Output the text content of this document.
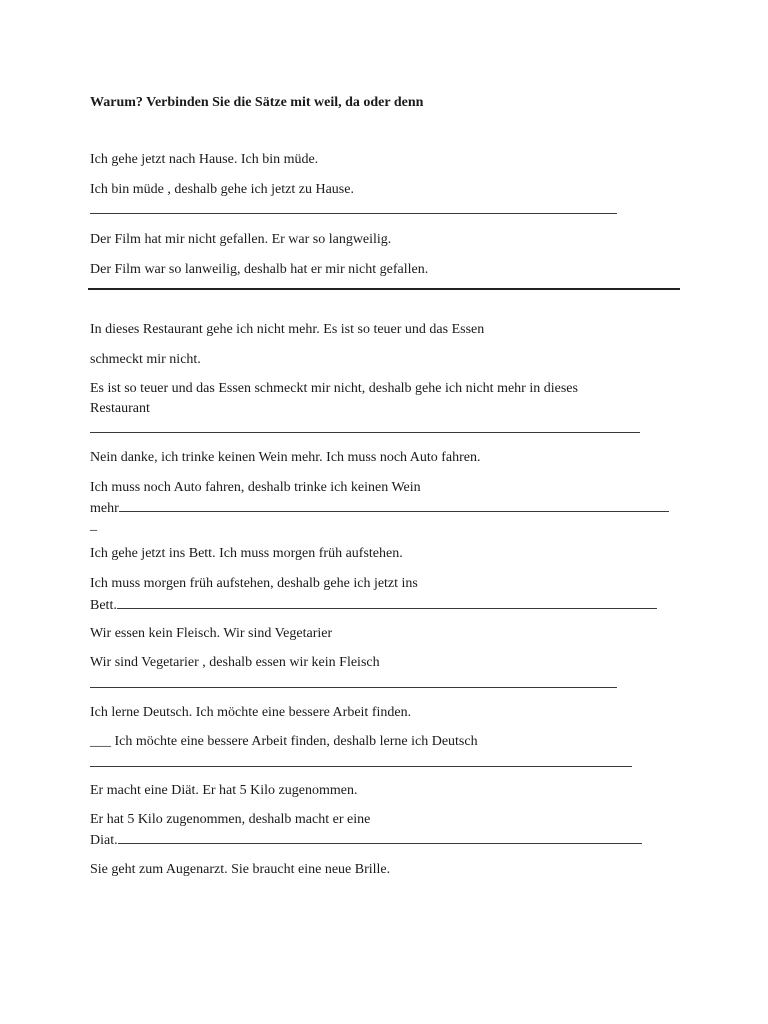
Warum? Verbinden Sie die Sätze mit weil, da oder denn
Ich gehe jetzt nach Hause. Ich bin müde.
Ich bin müde , deshalb gehe ich jetzt zu Hause.
Der Film hat mir nicht gefallen. Er war so langweilig.
Der Film war so lanweilig, deshalb hat er mir nicht gefallen.
In dieses Restaurant gehe ich nicht mehr. Es ist so teuer und das Essen
schmeckt mir nicht.
Es ist so teuer und das Essen schmeckt mir nicht, deshalb gehe ich nicht mehr in dieses
Restaurant
Nein danke, ich trinke keinen Wein mehr. Ich muss noch Auto fahren.
Ich muss noch Auto fahren, deshalb trinke ich keinen Wein
mehr
_
Ich gehe jetzt ins Bett. Ich muss morgen früh aufstehen.
Ich muss morgen früh aufstehen, deshalb gehe ich jetzt ins
Bett.
Wir essen kein Fleisch. Wir sind Vegetarier
Wir sind Vegetarier , deshalb essen wir kein Fleisch
Ich lerne Deutsch. Ich möchte eine bessere Arbeit finden.
___ Ich möchte eine bessere Arbeit finden, deshalb lerne ich Deutsch
Er macht eine Diät. Er hat 5 Kilo zugenommen.
Er hat 5 Kilo zugenommen, deshalb macht er eine
Diat.
Sie geht zum Augenarzt. Sie braucht eine neue Brille.
